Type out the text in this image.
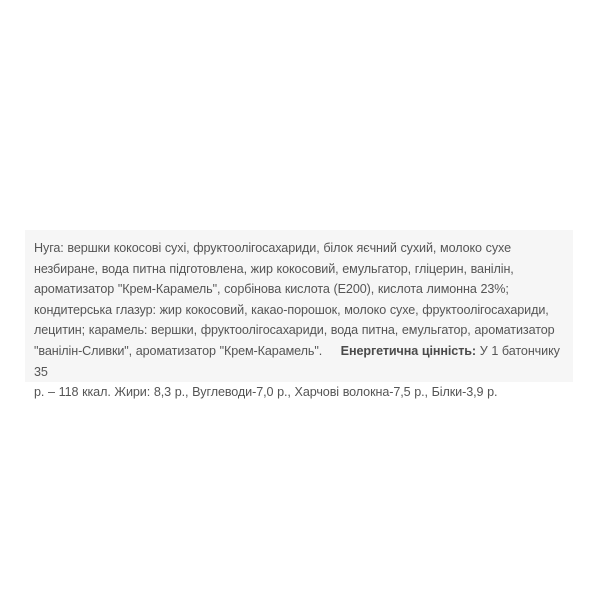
Нуга: вершки кокосові сухі, фруктоолігосахариди, білок яєчний сухий, молоко сухе
незбиране, вода питна підготовлена, жир кокосовий, емульгатор, гліцерин, ванілін,
ароматизатор "Крем-Карамель", сорбінова кислота (Е200), кислота лимонна 23%;
кондитерська глазур: жир кокосовий, какао-порошок, молоко сухе, фруктоолігосахариди,
лецитин; карамель: вершки, фруктоолігосахариди, вода питна, емульгатор, ароматизатор
"ванілін-Сливки", ароматизатор "Крем-Карамель". Енергетична цінність: У 1 батончику 35
р. – 118 ккал. Жири: 8,3 р., Вуглеводи-7,0 р., Харчові волокна-7,5 р., Білки-3,9 р.
